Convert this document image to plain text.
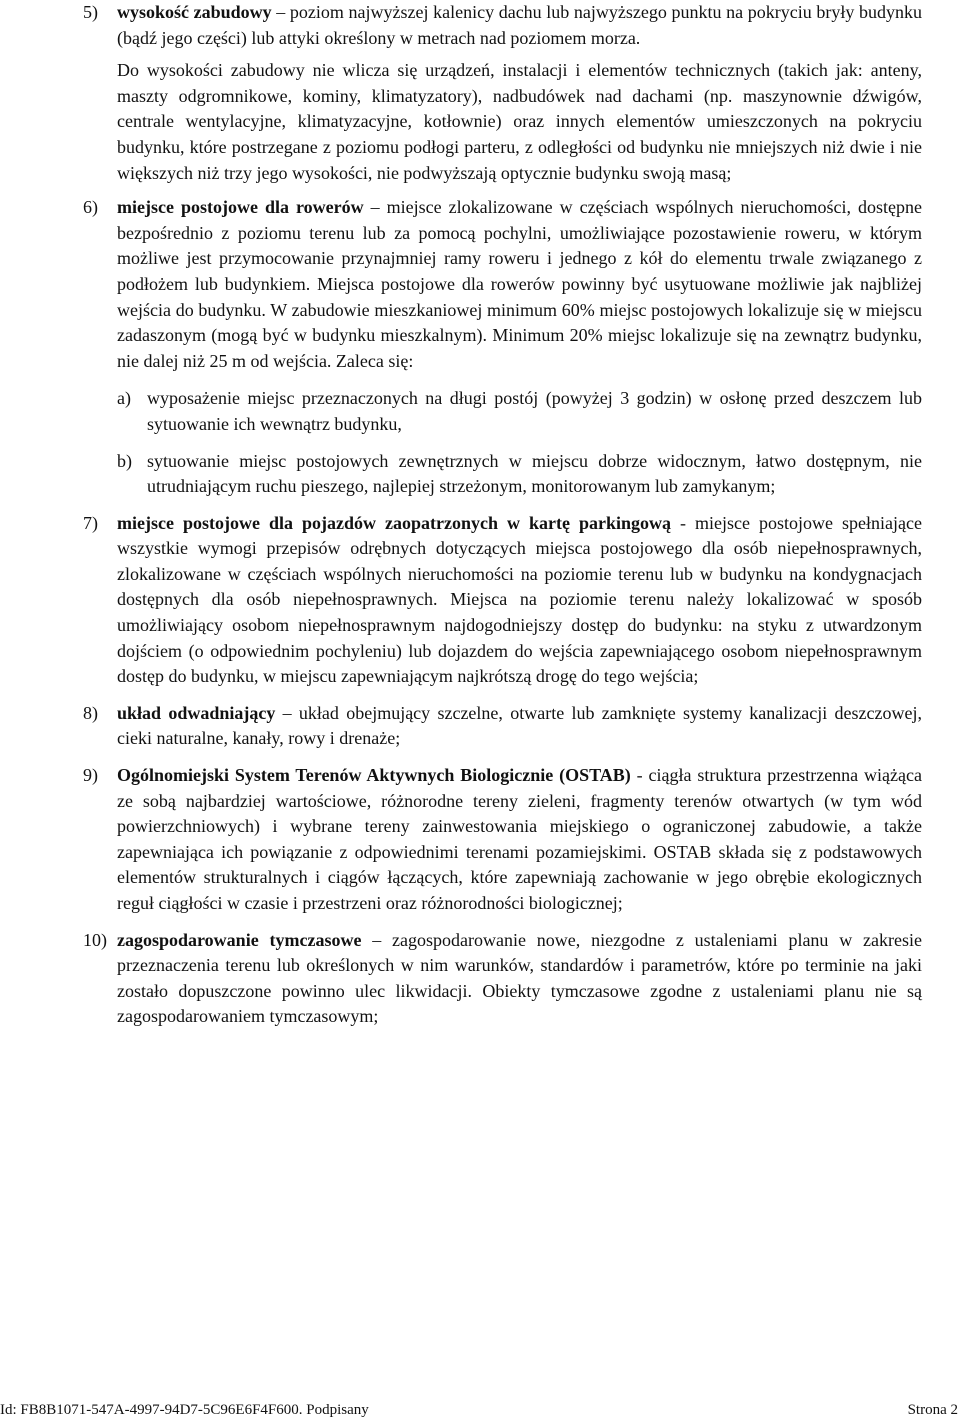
5) wysokość zabudowy – poziom najwyższej kalenicy dachu lub najwyższego punktu na pokryciu bryły budynku (bądź jego części) lub attyki określony w metrach nad poziomem morza.

Do wysokości zabudowy nie wlicza się urządzeń, instalacji i elementów technicznych (takich jak: anteny, maszty odgromnikowe, kominy, klimatyzatory), nadbudówek nad dachami (np. maszynownie dźwigów, centrale wentylacyjne, klimatyzacyjne, kotłownie) oraz innych elementów umieszczonych na pokryciu budynku, które postrzegane z poziomu podłogi parteru, z odległości od budynku nie mniejszych niż dwie i nie większych niż trzy jego wysokości, nie podwyższają optycznie budynku swoją masą;

6) miejsce postojowe dla rowerów – miejsce zlokalizowane w częściach wspólnych nieruchomości, dostępne bezpośrednio z poziomu terenu lub za pomocą pochylni, umożliwiające pozostawienie roweru, w którym możliwe jest przymocowanie przynajmniej ramy roweru i jednego z kół do elementu trwale związanego z podłożem lub budynkiem. Miejsca postojowe dla rowerów powinny być usytuowane możliwie jak najbliżej wejścia do budynku. W zabudowie mieszkaniowej minimum 60% miejsc postojowych lokalizuje się w miejscu zadaszonym (mogą być w budynku mieszkalnym). Minimum 20% miejsc lokalizuje się na zewnątrz budynku, nie dalej niż 25 m od wejścia. Zaleca się:

a) wyposażenie miejsc przeznaczonych na długi postój (powyżej 3 godzin) w osłonę przed deszczem lub sytuowanie ich wewnątrz budynku,

b) sytuowanie miejsc postojowych zewnętrznych w miejscu dobrze widocznym, łatwo dostępnym, nie utrudniającym ruchu pieszego, najlepiej strzeżonym, monitorowanym lub zamykanym;

7) miejsce postojowe dla pojazdów zaopatrzonych w kartę parkingową - miejsce postojowe spełniające wszystkie wymogi przepisów odrębnych dotyczących miejsca postojowego dla osób niepełnosprawnych, zlokalizowane w częściach wspólnych nieruchomości na poziomie terenu lub w budynku na kondygnacjach dostępnych dla osób niepełnosprawnych. Miejsca na poziomie terenu należy lokalizować w sposób umożliwiający osobom niepełnosprawnym najdogodniejszy dostęp do budynku: na styku z utwardzonym dojściem (o odpowiednim pochyleniu) lub dojazdem do wejścia zapewniającego osobom niepełnosprawnym dostęp do budynku, w miejscu zapewniającym najkrótszą drogę do tego wejścia;

8) układ odwadniający – układ obejmujący szczelne, otwarte lub zamknięte systemy kanalizacji deszczowej, cieki naturalne, kanały, rowy i drenaże;

9) Ogólnomiejski System Terenów Aktywnych Biologicznie (OSTAB) - ciągła struktura przestrzenna wiążąca ze sobą najbardziej wartościowe, różnorodne tereny zieleni, fragmenty terenów otwartych (w tym wód powierzchniowych) i wybrane tereny zainwestowania miejskiego o ograniczonej zabudowie, a także zapewniająca ich powiązanie z odpowiednimi terenami pozamiejskimi. OSTAB składa się z podstawowych elementów strukturalnych i ciągów łączących, które zapewniają zachowanie w jego obrębie ekologicznych reguł ciągłości w czasie i przestrzeni oraz różnorodności biologicznej;

10) zagospodarowanie tymczasowe – zagospodarowanie nowe, niezgodne z ustaleniami planu w zakresie przeznaczenia terenu lub określonych w nim warunków, standardów i parametrów, które po terminie na jaki zostało dopuszczone powinno ulec likwidacji. Obiekty tymczasowe zgodne z ustaleniami planu nie są zagospodarowaniem tymczasowym;

Id: FB8B1071-547A-4997-94D7-5C96E6F4F600. Podpisany	Strona 2
